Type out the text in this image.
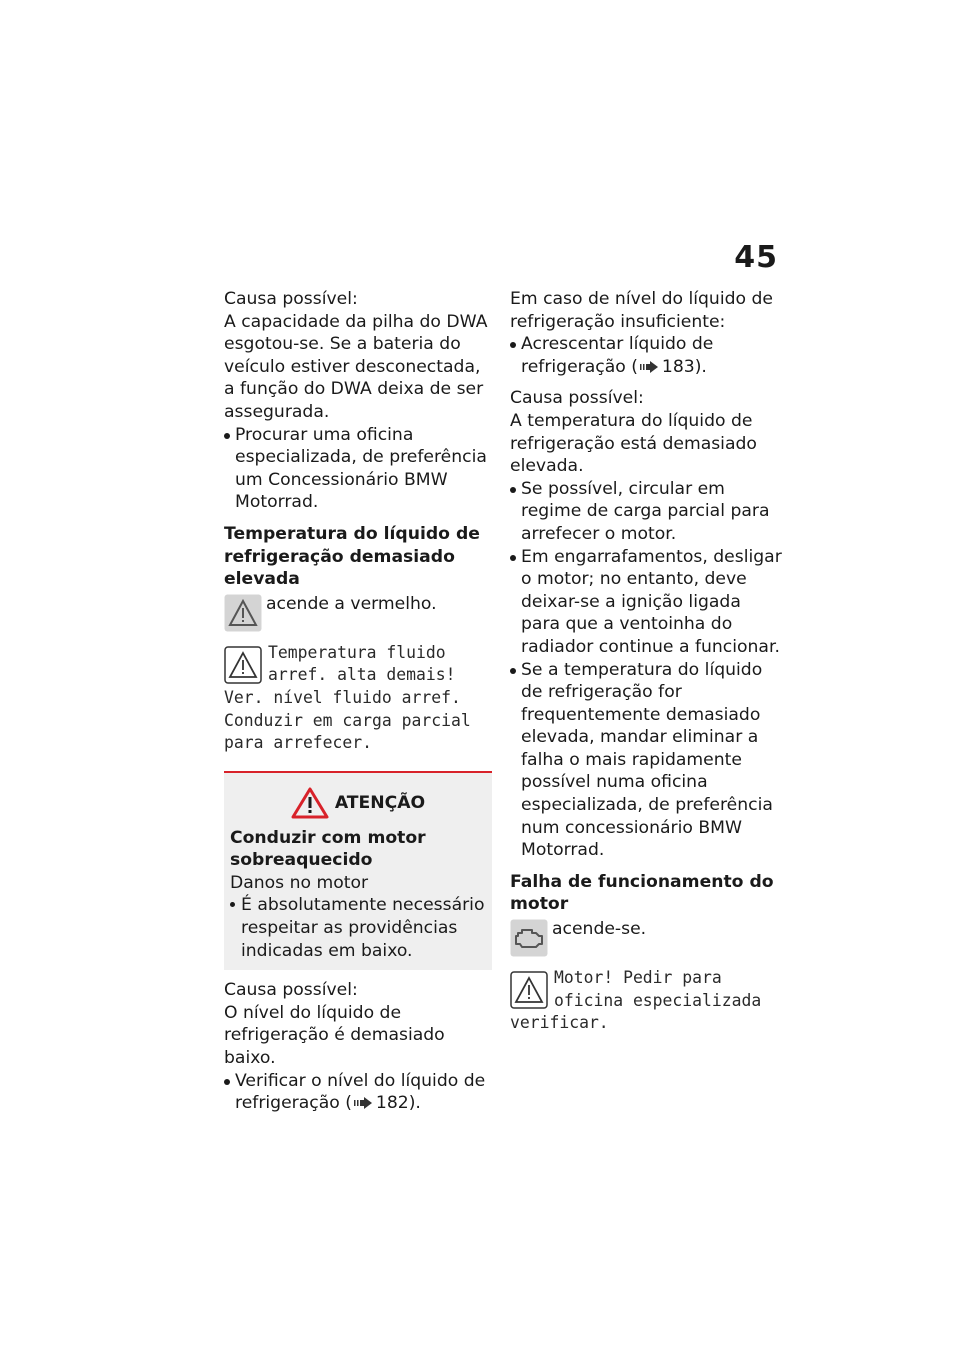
45

Causa possível:

A capacidade da pilha do DWA esgotou-se. Se a bateria do veículo estiver desconectada, a função do DWA deixa de ser assegurada.

Procurar uma oficina especializada, de preferência um Concessionário BMW Motorrad.

Temperatura do líquido de refrigeração demasiado elevada

acende a vermelho.
Temperatura fluido arref. alta demais! Ver. nível fluido arref. Conduzir em carga parcial para arrefecer.
ATENÇÃO

Conduzir com motor sobreaquecido

Danos no motor

É absolutamente necessário respeitar as providências indicadas em baixo.

Causa possível:

O nível do líquido de refrigeração é demasiado baixo.

Verificar o nível do líquido de refrigeração ( 182).

Em caso de nível do líquido de refrigeração insuficiente:

Acrescentar líquido de refrigeração ( 183).

Causa possível:

A temperatura do líquido de refrigeração está demasiado elevada.

Se possível, circular em regime de carga parcial para arrefecer o motor.
Em engarrafamentos, desligar o motor; no entanto, deve deixar-se a ignição ligada para que a ventoinha do radiador continue a funcionar.
Se a temperatura do líquido de refrigeração for frequentemente demasiado elevada, mandar eliminar a falha o mais rapidamente possível numa oficina especializada, de preferência num concessionário BMW Motorrad.

Falha de funcionamento do motor

acende-se.
Motor! Pedir para oficina especializada verificar.
